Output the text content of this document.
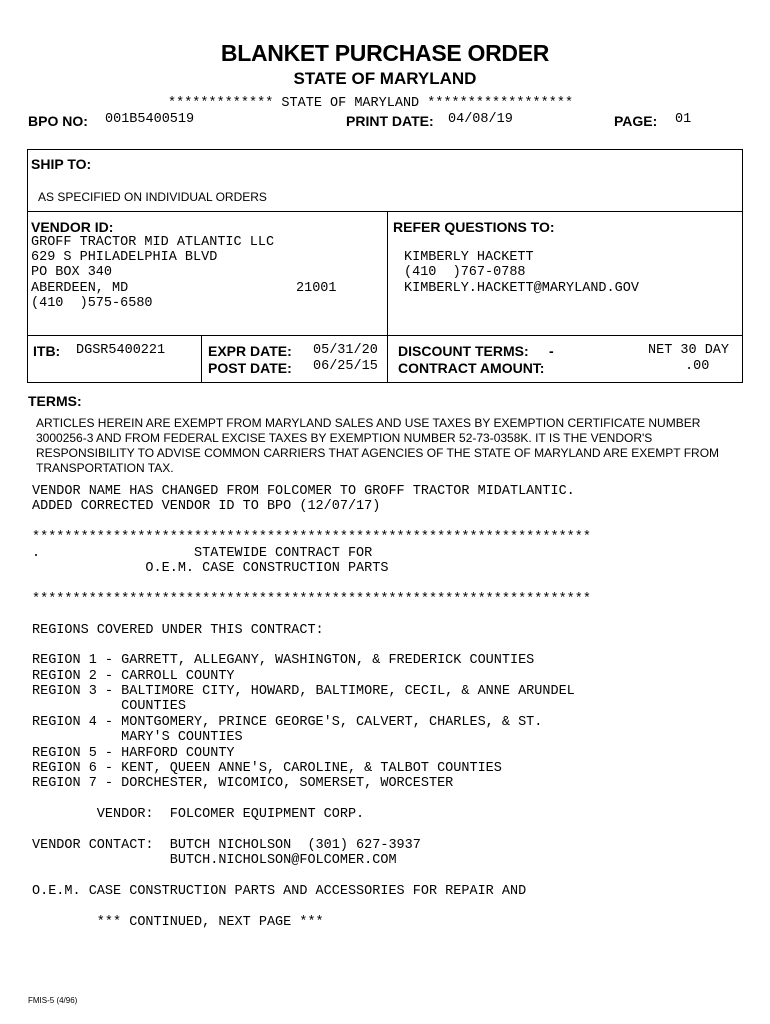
BLANKET PURCHASE ORDER
STATE OF MARYLAND
************* STATE OF MARYLAND ******************
BPO NO: 001B5400519	PRINT DATE: 04/08/19	PAGE: 01
SHIP TO:
AS SPECIFIED ON INDIVIDUAL ORDERS
VENDOR ID:
GROFF TRACTOR MID ATLANTIC LLC
629 S PHILADELPHIA BLVD
PO BOX 340
ABERDEEN, MD	21001
(410  )575-6580
REFER QUESTIONS TO:
KIMBERLY HACKETT
(410  )767-0788
KIMBERLY.HACKETT@MARYLAND.GOV
ITB: DGSR5400221	EXPR DATE: 05/31/20
POST DATE: 06/25/15
DISCOUNT TERMS: -	NET 30 DAY
CONTRACT AMOUNT:	.00
TERMS:
ARTICLES HEREIN ARE EXEMPT FROM MARYLAND SALES AND USE TAXES BY EXEMPTION CERTIFICATE NUMBER 3000256-3 AND FROM FEDERAL EXCISE TAXES BY EXEMPTION NUMBER 52-73-0358K. IT IS THE VENDOR'S RESPONSIBILITY TO ADVISE COMMON CARRIERS THAT AGENCIES OF THE STATE OF MARYLAND ARE EXEMPT FROM TRANSPORTATION TAX.
VENDOR NAME HAS CHANGED FROM FOLCOMER TO GROFF TRACTOR MIDATLANTIC.
ADDED CORRECTED VENDOR ID TO BPO (12/07/17)
*********************************************************************
.                   STATEWIDE CONTRACT FOR
O.E.M. CASE CONSTRUCTION PARTS
*********************************************************************
REGIONS COVERED UNDER THIS CONTRACT:
REGION 1 - GARRETT, ALLEGANY, WASHINGTON, & FREDERICK COUNTIES
REGION 2 - CARROLL COUNTY
REGION 3 - BALTIMORE CITY, HOWARD, BALTIMORE, CECIL, & ANNE ARUNDEL
COUNTIES
REGION 4 - MONTGOMERY, PRINCE GEORGE'S, CALVERT, CHARLES, & ST.
MARY'S COUNTIES
REGION 5 - HARFORD COUNTY
REGION 6 - KENT, QUEEN ANNE'S, CAROLINE, & TALBOT COUNTIES
REGION 7 - DORCHESTER, WICOMICO, SOMERSET, WORCESTER
VENDOR:  FOLCOMER EQUIPMENT CORP.
VENDOR CONTACT:  BUTCH NICHOLSON  (301) 627-3937
BUTCH.NICHOLSON@FOLCOMER.COM
O.E.M. CASE CONSTRUCTION PARTS AND ACCESSORIES FOR REPAIR AND
*** CONTINUED, NEXT PAGE ***
FMIS-5 (4/96)
